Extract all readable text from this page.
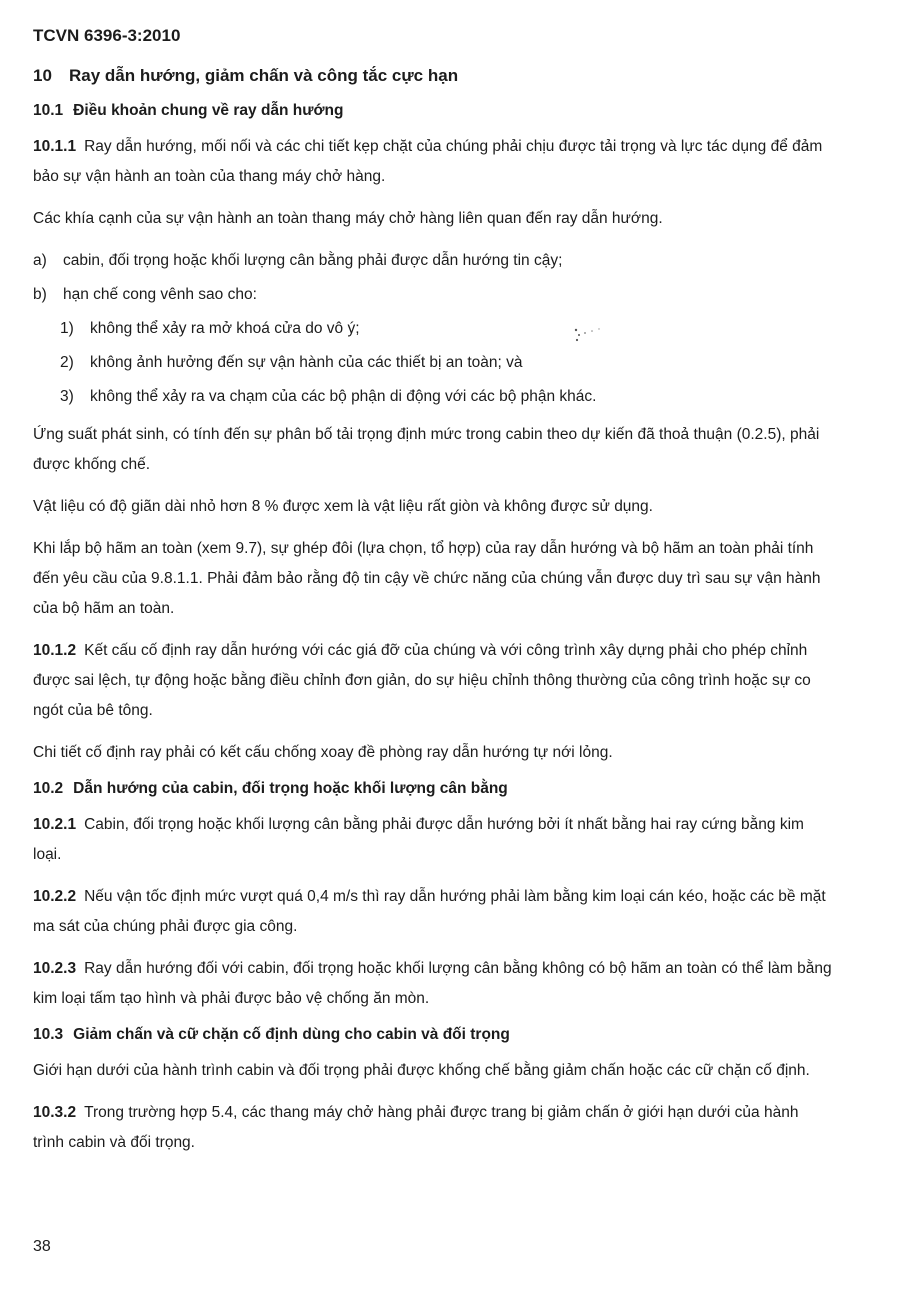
TCVN 6396-3:2010
10 Ray dẫn hướng, giảm chấn và công tắc cực hạn
10.1 Điều khoản chung về ray dẫn hướng

10.1.1 Ray dẫn hướng, mối nối và các chi tiết kẹp chặt của chúng phải chịu được tải trọng và lực tác dụng để đảm bảo sự vận hành an toàn của thang máy chở hàng.

Các khía cạnh của sự vận hành an toàn thang máy chở hàng liên quan đến ray dẫn hướng.

a) cabin, đối trọng hoặc khối lượng cân bằng phải được dẫn hướng tin cậy;
b) hạn chế cong vênh sao cho:
1) không thể xảy ra mở khoá cửa do vô ý;
2) không ảnh hưởng đến sự vận hành của các thiết bị an toàn; và
3) không thể xảy ra va chạm của các bộ phận di động với các bộ phận khác.

Ứng suất phát sinh, có tính đến sự phân bố tải trọng định mức trong cabin theo dự kiến đã thoả thuận (0.2.5), phải được khống chế.

Vật liệu có độ giãn dài nhỏ hơn 8 % được xem là vật liệu rất giòn và không được sử dụng.

Khi lắp bộ hãm an toàn (xem 9.7), sự ghép đôi (lựa chọn, tổ hợp) của ray dẫn hướng và bộ hãm an toàn phải tính đến yêu cầu của 9.8.1.1. Phải đảm bảo rằng độ tin cậy về chức năng của chúng vẫn được duy trì sau sự vận hành của bộ hãm an toàn.

10.1.2 Kết cấu cố định ray dẫn hướng với các giá đỡ của chúng và với công trình xây dựng phải cho phép chỉnh được sai lệch, tự động hoặc bằng điều chỉnh đơn giản, do sự hiệu chỉnh thông thường của công trình hoặc sự co ngót của bê tông.

Chi tiết cố định ray phải có kết cấu chống xoay đề phòng ray dẫn hướng tự nới lỏng.

10.2 Dẫn hướng của cabin, đối trọng hoặc khối lượng cân bằng

10.2.1 Cabin, đối trọng hoặc khối lượng cân bằng phải được dẫn hướng bởi ít nhất bằng hai ray cứng bằng kim loại.

10.2.2 Nếu vận tốc định mức vượt quá 0,4 m/s thì ray dẫn hướng phải làm bằng kim loại cán kéo, hoặc các bề mặt ma sát của chúng phải được gia công.

10.2.3 Ray dẫn hướng đối với cabin, đối trọng hoặc khối lượng cân bằng không có bộ hãm an toàn có thể làm bằng kim loại tấm tạo hình và phải được bảo vệ chống ăn mòn.

10.3 Giảm chấn và cữ chặn cố định dùng cho cabin và đối trọng

Giới hạn dưới của hành trình cabin và đối trọng phải được khống chế bằng giảm chấn hoặc các cữ chặn cố định.

10.3.2 Trong trường hợp 5.4, các thang máy chở hàng phải được trang bị giảm chấn ở giới hạn dưới của hành trình cabin và đối trọng.

38
